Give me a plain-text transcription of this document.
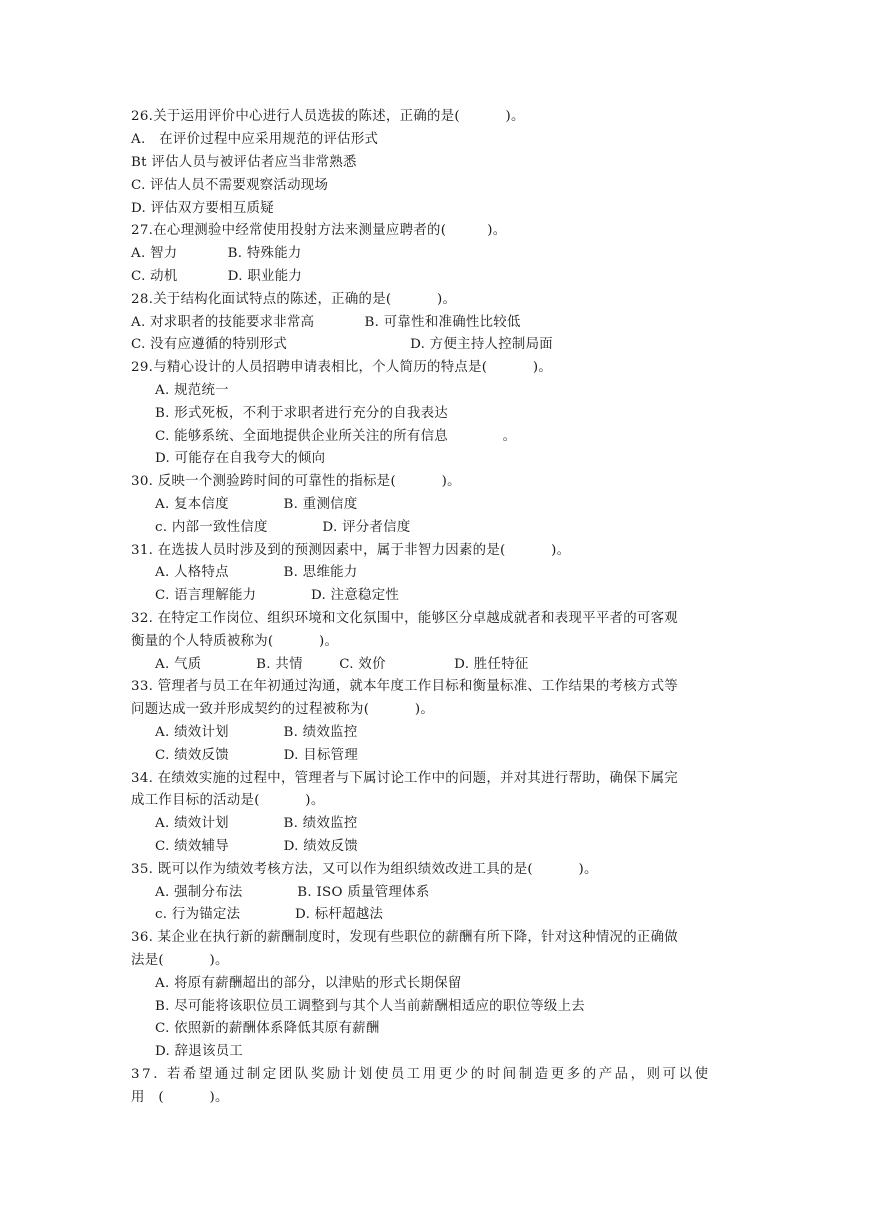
26.关于运用评价中心进行人员选拔的陈述，正确的是(          )。
A.   在评价过程中应采用规范的评估形式
Bt 评估人员与被评估者应当非常熟悉
C. 评估人员不需要观察活动现场
D. 评估双方要相互质疑
27.在心理测验中经常使用投射方法来测量应聘者的(         )。
A. 智力           B. 特殊能力
C. 动机           D. 职业能力
28.关于结构化面试特点的陈述，正确的是(          )。
A. 对求职者的技能要求非常高           B. 可靠性和准确性比较低
C. 没有应遵循的特别形式                           D. 方便主持人控制局面
29.与精心设计的人员招聘申请表相比，个人简历的特点是(          )。
A. 规范统一
B. 形式死板，不利于求职者进行充分的自我表达
C. 能够系统、全面地提供企业所关注的所有信息            。
D. 可能存在自我夸大的倾向
30. 反映一个测验跨时间的可靠性的指标是(          )。
A. 复本信度            B. 重测信度
c. 内部一致性信度            D. 评分者信度
31. 在选拔人员时涉及到的预测因素中，属于非智力因素的是(          )。
A. 人格特点            B. 思维能力
C. 语言理解能力            D. 注意稳定性
32. 在特定工作岗位、组织环境和文化氛围中，能够区分卓越成就者和表现平平者的可客观
衡量的个人特质被称为(          )。
A. 气质            B. 共情        C. 效价               D. 胜任特征
33. 管理者与员工在年初通过沟通，就本年度工作目标和衡量标准、工作结果的考核方式等
问题达成一致并形成契约的过程被称为(          )。
A. 绩效计划            B. 绩效监控
C. 绩效反馈            D. 目标管理
34. 在绩效实施的过程中，管理者与下属讨论工作中的问题，并对其进行帮助，确保下属完
成工作目标的活动是(          )。
A. 绩效计划            B. 绩效监控
C. 绩效辅导            D. 绩效反馈
35. 既可以作为绩效考核方法，又可以作为组织绩效改进工具的是(          )。
A. 强制分布法            B. ISO 质量管理体系
c. 行为锚定法            D. 标杆超越法
36. 某企业在执行新的薪酬制度时，发现有些职位的薪酬有所下降，针对这种情况的正确做
法是(          )。
A. 将原有薪酬超出的部分，以津贴的形式长期保留
B. 尽可能将该职位员工调整到与其个人当前薪酬相适应的职位等级上去
C. 依照新的薪酬体系降低其原有薪酬
D. 辞退该员工
37. 若希望通过制定团队奖励计划使员工用更少的时间制造更多的产品，则可以使
用   (          )。
